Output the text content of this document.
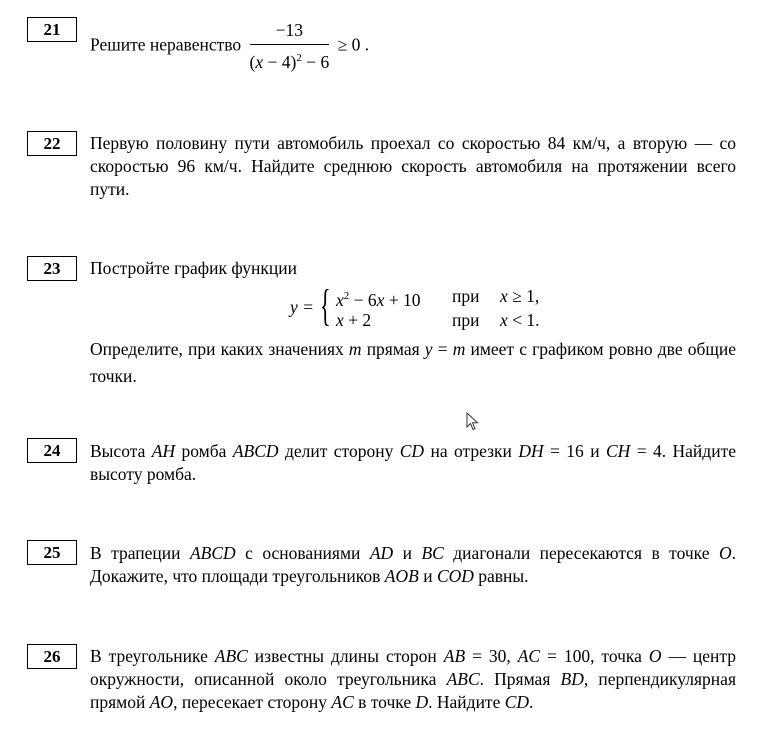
21
Решите неравенство $\frac{-13}{(x - 4)^2 - 6} \ge 0$ .
22	Первую половину пути автомобиль проехал со скоростью 84 км/ч, а вторую — со скоростью 96 км/ч. Найдите среднюю скорость автомобиля на протяжении всего пути.
23	Постройте график функции
y = { $x^2 - 6x + 10$
x + 2
при
при
x ≥ 1,
x < 1.
Определите, при каких значениях m прямая y = m имеет с графиком ровно две общие точки.
24	Высота AH ромба ABCD делит сторону CD на отрезки DH = 16 и CH = 4. Найдите высоту ромба.
25	В трапеции ABCD с основаниями AD и BC диагонали пересекаются в точке O. Докажите, что площади треугольников AOB и COD равны.
26	В треугольнике ABC известны длины сторон AB = 30, AC = 100, точка O — центр окружности, описанной около треугольника ABC. Прямая BD, перпендикулярная прямой AO, пересекает сторону AC в точке D. Найдите CD.
